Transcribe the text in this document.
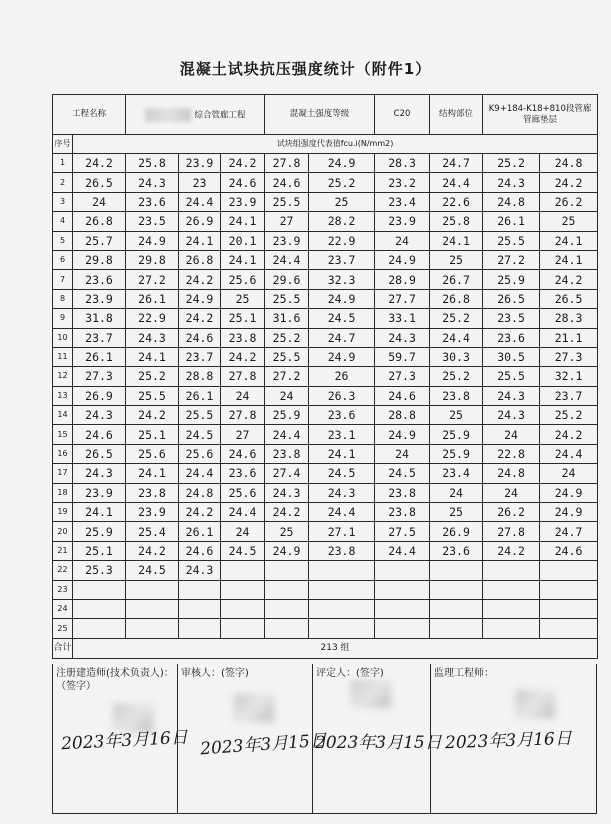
混凝土试块抗压强度统计（附件1）
工程名称		综合管廊工程			混凝土强度等级		C20	结构部位	K9+184-K18+810段管廊
管廊垫层	

序号	试块组强度代表值fcu.i(N/mm2)									
1	24.2	25.8	23.9	24.2	27.8	24.9	28.3	24.7	25.2	24.8
2	26.5	24.3	23	24.6	24.6	25.2	23.2	24.4	24.3	24.2
3	24	23.6	24.4	23.9	25.5	25	23.4	22.6	24.8	26.2
4	26.8	23.5	26.9	24.1	27	28.2	23.9	25.8	26.1	25
5	25.7	24.9	24.1	20.1	23.9	22.9	24	24.1	25.5	24.1
6	29.8	29.8	26.8	24.1	24.4	23.7	24.9	25	27.2	24.1
7	23.6	27.2	24.2	25.6	29.6	32.3	28.9	26.7	25.9	24.2
8	23.9	26.1	24.9	25	25.5	24.9	27.7	26.8	26.5	26.5
9	31.8	22.9	24.2	25.1	31.6	24.5	33.1	25.2	23.5	28.3
10	23.7	24.3	24.6	23.8	25.2	24.7	24.3	24.4	23.6	21.1
11	26.1	24.1	23.7	24.2	25.5	24.9	59.7	30.3	30.5	27.3
12	27.3	25.2	28.8	27.8	27.2	26	27.3	25.2	25.5	32.1
13	26.9	25.5	26.1	24	24	26.3	24.6	23.8	24.3	23.7
14	24.3	24.2	25.5	27.8	25.9	23.6	28.8	25	24.3	25.2
15	24.6	25.1	24.5	27	24.4	23.1	24.9	25.9	24	24.2
16	26.5	25.6	25.6	24.6	23.8	24.1	24	25.9	22.8	24.4
17	24.3	24.1	24.4	23.6	27.4	24.5	24.5	23.4	24.8	24
18	23.9	23.8	24.8	25.6	24.3	24.3	23.8	24	24	24.9
19	24.1	23.9	24.2	24.4	24.2	24.4	23.8	25	26.2	24.9
20	25.9	25.4	26.1	24	25	27.1	27.5	26.9	27.8	24.7
21	25.1	24.2	24.6	24.5	24.9	23.8	24.4	23.6	24.2	24.6
22	25.3	24.5	24.3							
23										
24										
25										
合计	213 组									
注册建造师(技术负责人)：（签字）
2023年3月16日
审核人：(签字)
2023年3月15日
评定人：(签字)
2023年3月15日
监理工程师：
2023年3月16日
